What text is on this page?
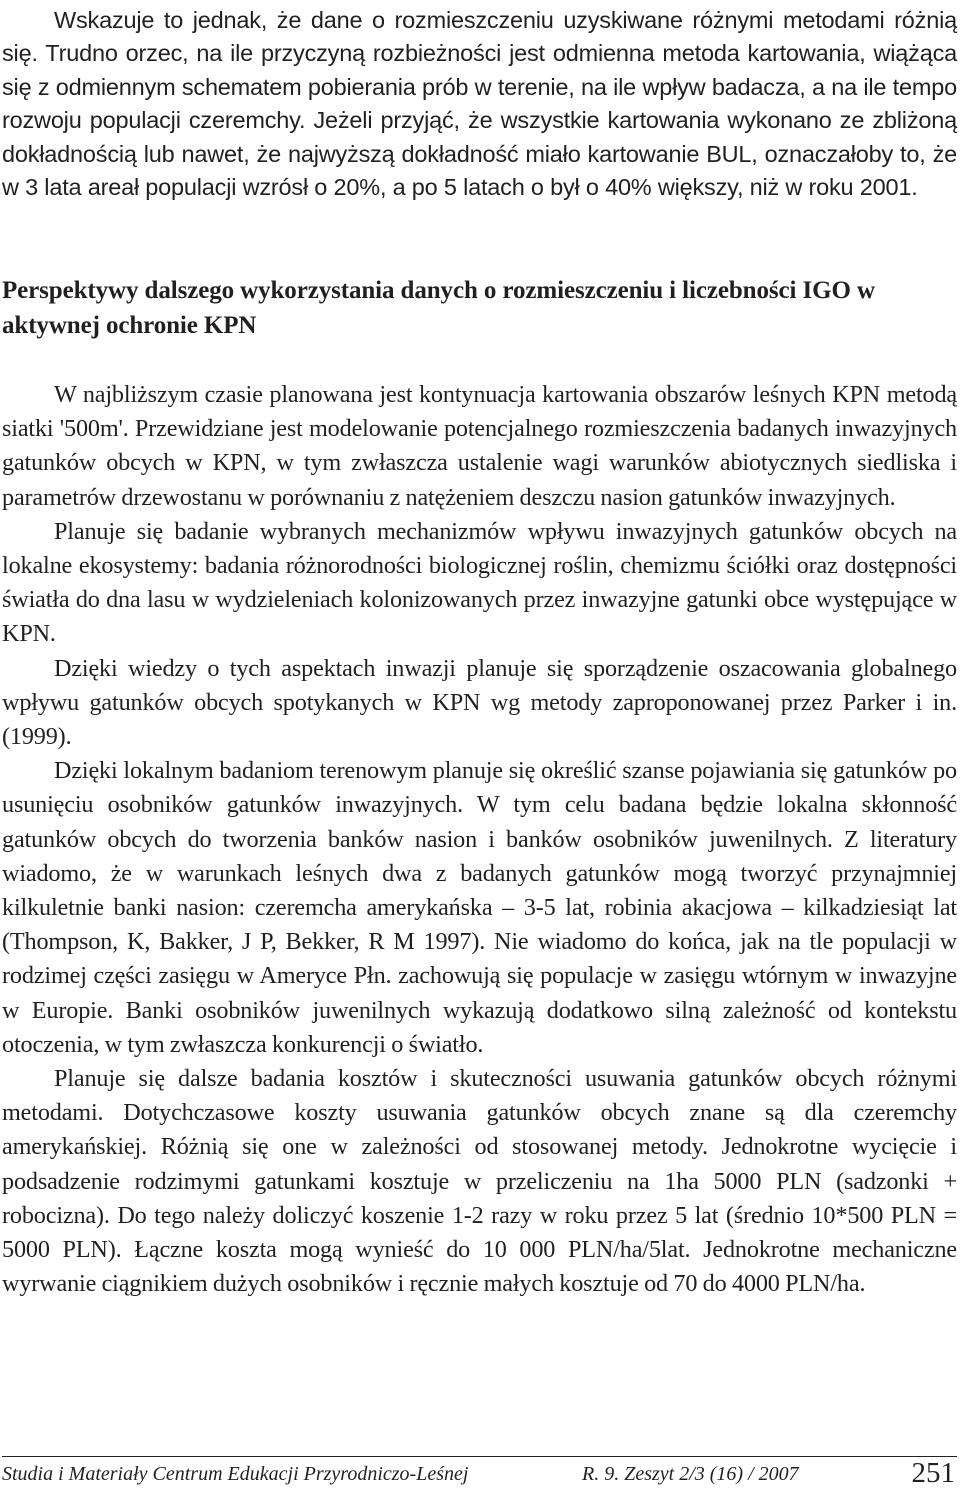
Wskazuje to jednak, że dane o rozmieszczeniu uzyskiwane różnymi metodami różnią się. Trudno orzec, na ile przyczyną rozbieżności jest odmienna metoda kartowania, wiążąca się z odmiennym schematem pobierania prób w terenie, na ile wpływ badacza, a na ile tempo rozwoju populacji czeremchy. Jeżeli przyjąć, że wszystkie kartowania wykonano ze zbliżoną dokładnością lub nawet, że najwyższą dokładność miało kartowanie BUL, oznaczałoby to, że w 3 lata areał populacji wzrósł o 20%, a po 5 latach o był o 40% większy, niż w roku 2001.

Perspektywy dalszego wykorzystania danych o rozmieszczeniu i liczebności IGO w aktywnej ochronie KPN

W najbliższym czasie planowana jest kontynuacja kartowania obszarów leśnych KPN metodą siatki '500m'. Przewidziane jest modelowanie potencjalnego rozmieszczenia badanych inwazyjnych gatunków obcych w KPN, w tym zwłaszcza ustalenie wagi warunków abiotycznych siedliska i parametrów drzewostanu w porównaniu z natężeniem deszczu nasion gatunków inwazyjnych.

Planuje się badanie wybranych mechanizmów wpływu inwazyjnych gatunków obcych na lokalne ekosystemy: badania różnorodności biologicznej roślin, chemizmu ściółki oraz dostępności światła do dna lasu w wydzieleniach kolonizowanych przez inwazyjne gatunki obce występujące w KPN.

Dzięki wiedzy o tych aspektach inwazji planuje się sporządzenie oszacowania globalnego wpływu gatunków obcych spotykanych w KPN wg metody zaproponowanej przez Parker i in.(1999).

Dzięki lokalnym badaniom terenowym planuje się określić szanse pojawiania się gatunków po usunięciu osobników gatunków inwazyjnych. W tym celu badana będzie lokalna skłonność gatunków obcych do tworzenia banków nasion i banków osobników juwenilnych. Z literatury wiadomo, że w warunkach leśnych dwa z badanych gatunków mogą tworzyć przynajmniej kilkuletnie banki nasion: czeremcha amerykańska – 3-5 lat, robinia akacjowa – kilkadziesiąt lat (Thompson, K, Bakker, J P, Bekker, R M 1997). Nie wiadomo do końca, jak na tle populacji w rodzimej części zasięgu w Ameryce Płn. zachowują się populacje w zasięgu wtórnym w inwazyjne w Europie. Banki osobników juwenilnych wykazują dodatkowo silną zależność od kontekstu otoczenia, w tym zwłaszcza konkurencji o światło.

Planuje się dalsze badania kosztów i skuteczności usuwania gatunków obcych różnymi metodami. Dotychczasowe koszty usuwania gatunków obcych znane są dla czeremchy amerykańskiej. Różnią się one w zależności od stosowanej metody. Jednokrotne wycięcie i podsadzenie rodzimymi gatunkami kosztuje w przeliczeniu na 1ha 5000 PLN (sadzonki + robocizna). Do tego należy doliczyć koszenie 1-2 razy w roku przez 5 lat (średnio 10*500 PLN = 5000 PLN). Łączne koszta mogą wynieść do 10 000 PLN/ha/5lat. Jednokrotne mechaniczne wyrwanie ciągnikiem dużych osobników i ręcznie małych kosztuje od 70 do 4000 PLN/ha.

Studia i Materiały Centrum Edukacji Przyrodniczo-Leśnej	R. 9. Zeszyt 2/3 (16) / 2007	251
